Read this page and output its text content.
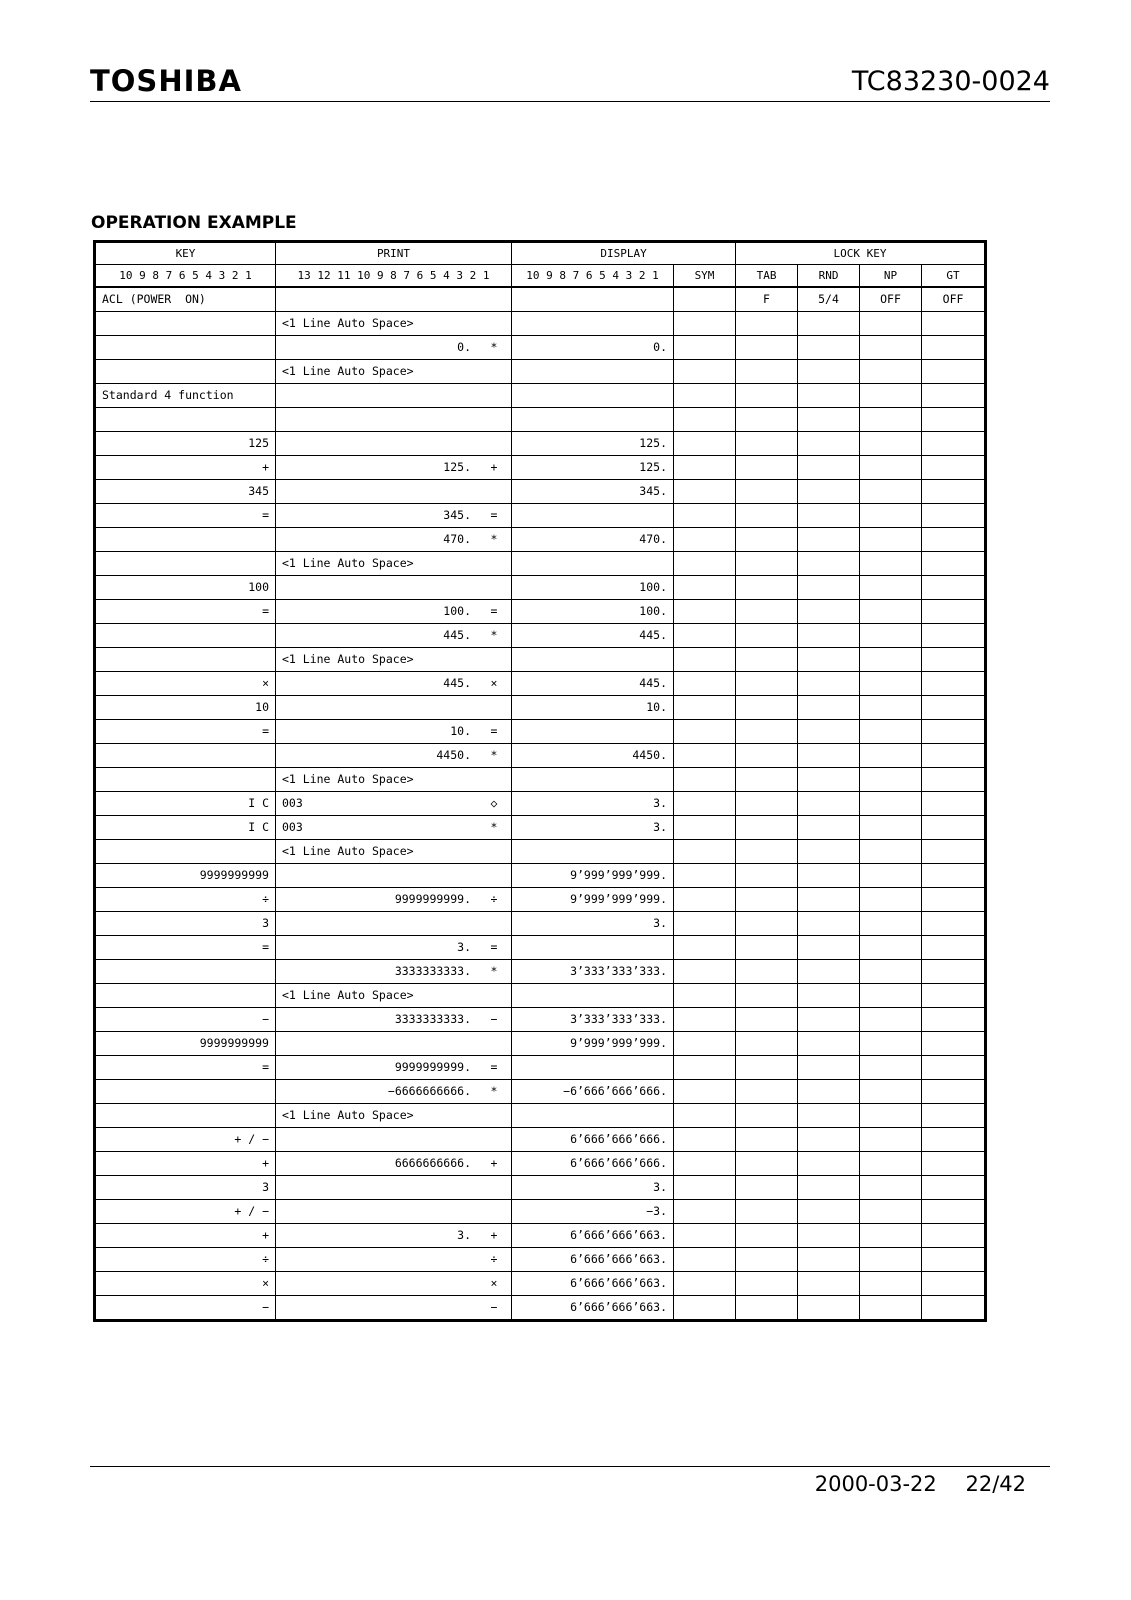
TOSHIBA	TC83230-0024
OPERATION EXAMPLE
KEY	PRINT	DISPLAY		LOCK KEY			
10 9 8 7 6 5 4 3 2 1	13 12 11 10 9 8 7 6 5 4 3 2 1	10 9 8 7 6 5 4 3 2 1	SYM	TAB	RND	NP	GT
ACL (POWER  ON)				F	5/4	OFF	OFF
	<1 Line Auto Space>						
	0. *	0.					
	<1 Line Auto Space>						
Standard 4 function							

125		125.					
+	125. +	125.					
345		345.					
=	345. =						
	470. *	470.					
	<1 Line Auto Space>						
100		100.					
=	100. =	100.					
	445. *	445.					
	<1 Line Auto Space>						
×	445. ×	445.					
10		10.					
=	10. =						
	4450. *	4450.					
	<1 Line Auto Space>						
I C	003 ◇	3.					
I C	003 *	3.					
	<1 Line Auto Space>						
9999999999		9’999’999’999.					
÷	9999999999. ÷	9’999’999’999.					
3		3.					
=	3. =						
	3333333333. *	3’333’333’333.					
	<1 Line Auto Space>						
−	3333333333. −	3’333’333’333.					
9999999999		9’999’999’999.					
=	9999999999. =						
	−6666666666. *	−6’666’666’666.					
	<1 Line Auto Space>						
+ / −		6’666’666’666.					
+	6666666666. +	6’666’666’666.					
3		3.					
+ / −		−3.					
+	3. +	6’666’666’663.					
÷	÷	6’666’666’663.					
×	×	6’666’666’663.					
−	−	6’666’666’663.					
2000-03-22 22/42
